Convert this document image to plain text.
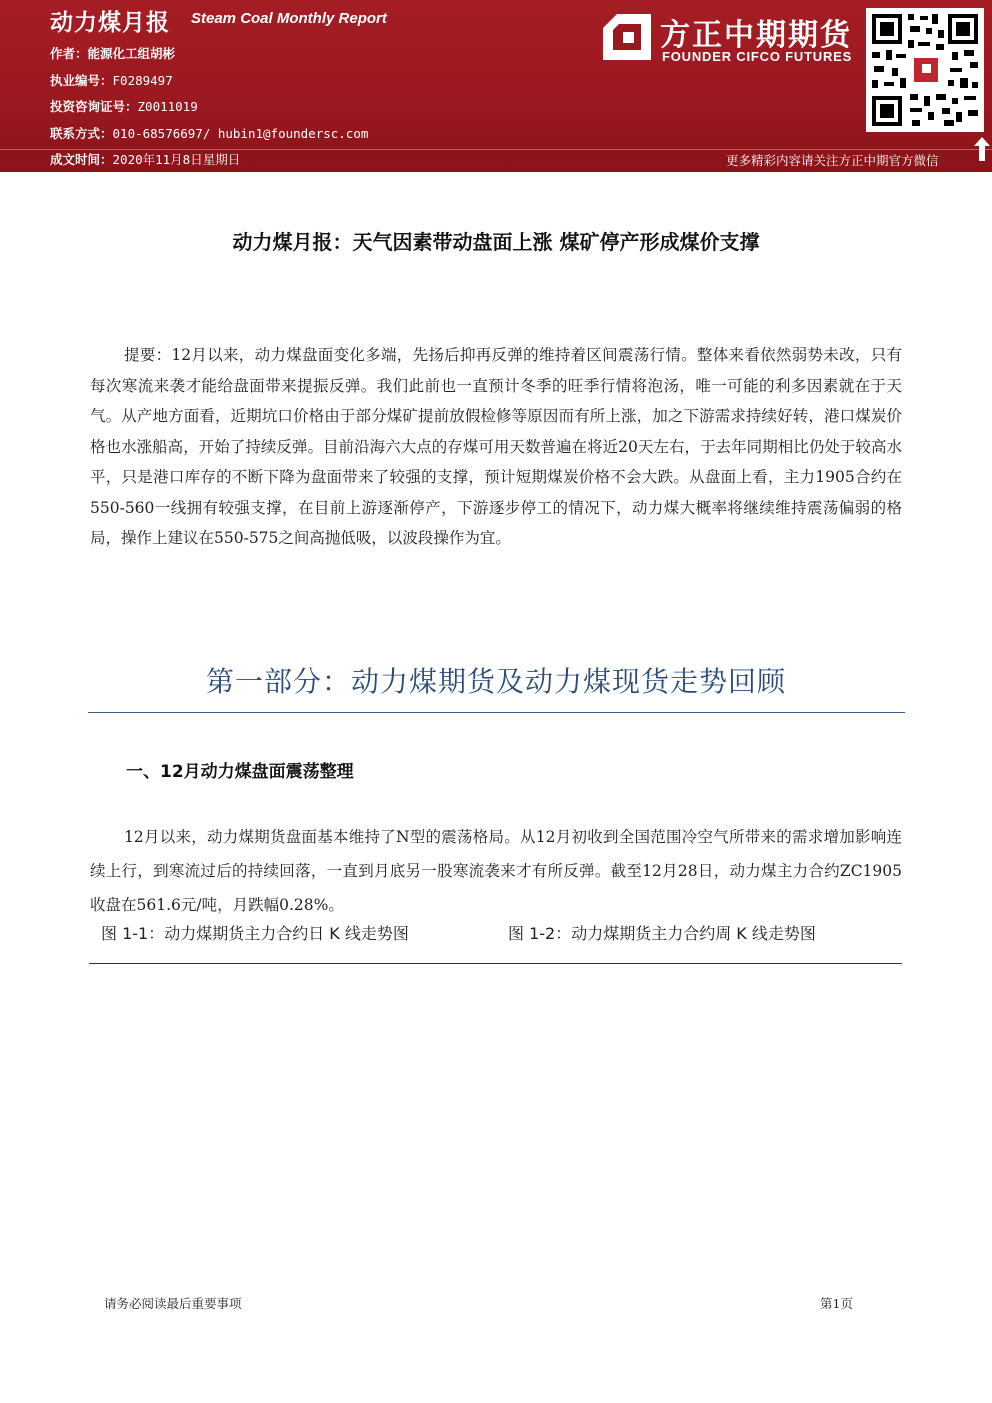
动力煤月报 Steam Coal Monthly Report
作者：能源化工组胡彬
执业编号：F0289497
投资咨询证号：Z0011019
联系方式：010-68576697/ hubin1@foundersc.com
成文时间：2020年11月8日星期日
方正中期期货
FOUNDER CIFCO FUTURES
更多精彩内容请关注方正中期官方微信
动力煤月报：天气因素带动盘面上涨 煤矿停产形成煤价支撑
提要：12月以来，动力煤盘面变化多端，先扬后抑再反弹的维持着区间震荡行情。整体来看依然弱势未改，只有每次寒流来袭才能给盘面带来提振反弹。我们此前也一直预计冬季的旺季行情将泡汤，唯一可能的利多因素就在于天气。从产地方面看，近期坑口价格由于部分煤矿提前放假检修等原因而有所上涨，加之下游需求持续好转，港口煤炭价格也水涨船高，开始了持续反弹。目前沿海六大点的存煤可用天数普遍在将近20天左右，于去年同期相比仍处于较高水平，只是港口库存的不断下降为盘面带来了较强的支撑，预计短期煤炭价格不会大跌。从盘面上看，主力1905合约在550-560一线拥有较强支撑，在目前上游逐渐停产，下游逐步停工的情况下，动力煤大概率将继续维持震荡偏弱的格局，操作上建议在550-575之间高抛低吸，以波段操作为宜。
第一部分：动力煤期货及动力煤现货走势回顾
一、12月动力煤盘面震荡整理
12月以来，动力煤期货盘面基本维持了N型的震荡格局。从12月初收到全国范围冷空气所带来的需求增加影响连续上行，到寒流过后的持续回落，一直到月底另一股寒流袭来才有所反弹。截至12月28日，动力煤主力合约ZC1905收盘在561.6元/吨，月跌幅0.28%。
图 1-1：动力煤期货主力合约日 K 线走势图	图 1-2：动力煤期货主力合约周 K 线走势图
请务必阅读最后重要事项	第1页
